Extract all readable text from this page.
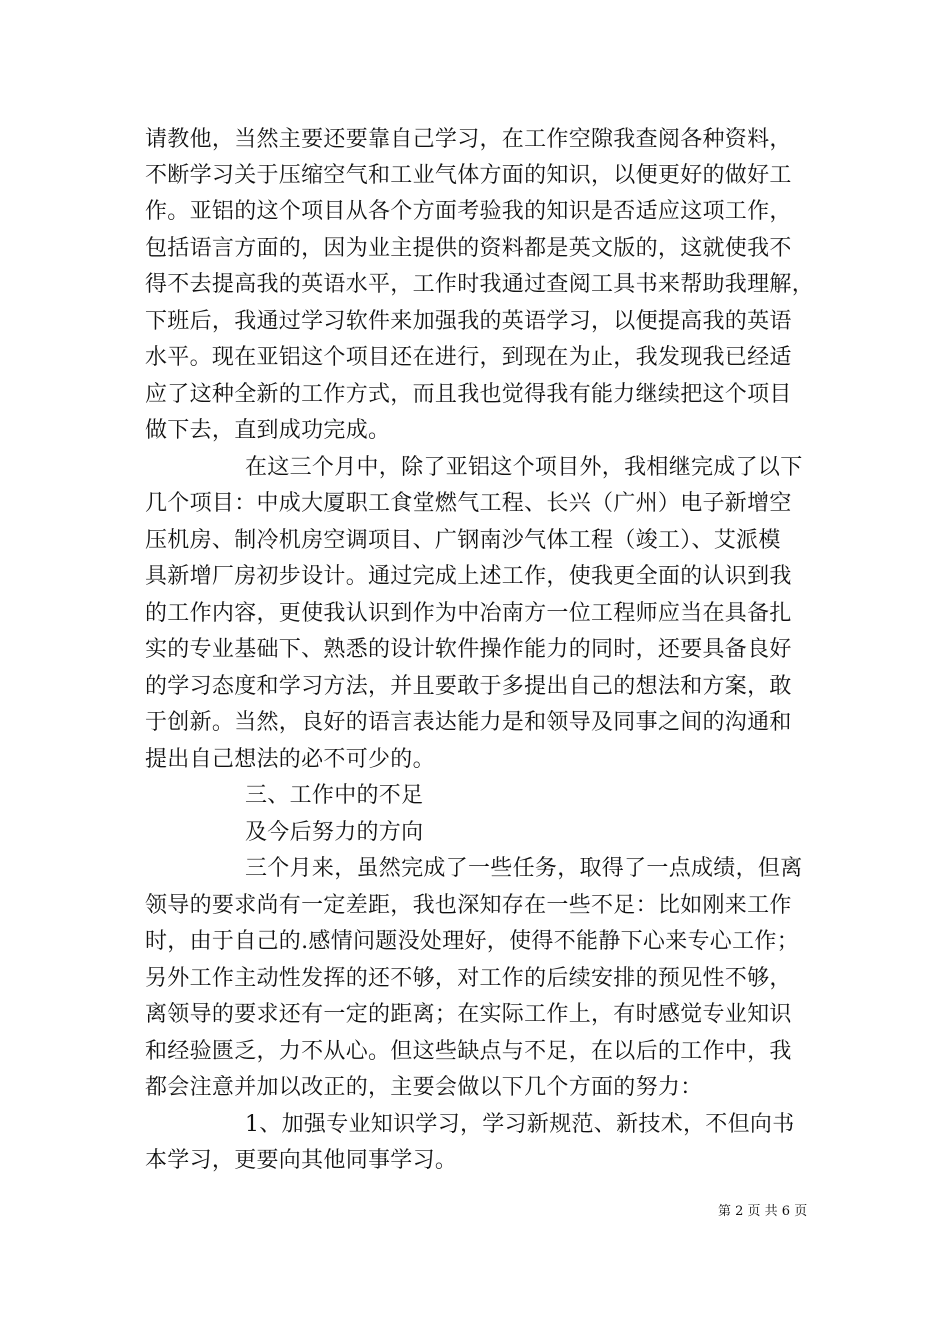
请教他，当然主要还要靠自己学习，在工作空隙我查阅各种资料，
不断学习关于压缩空气和工业气体方面的知识，以便更好的做好工
作。亚铝的这个项目从各个方面考验我的知识是否适应这项工作，
包括语言方面的，因为业主提供的资料都是英文版的，这就使我不
得不去提高我的英语水平，工作时我通过查阅工具书来帮助我理解，
下班后，我通过学习软件来加强我的英语学习，以便提高我的英语
水平。现在亚铝这个项目还在进行，到现在为止，我发现我已经适
应了这种全新的工作方式，而且我也觉得我有能力继续把这个项目
做下去，直到成功完成。
在这三个月中，除了亚铝这个项目外，我相继完成了以下
几个项目：中成大厦职工食堂燃气工程、长兴（广州）电子新增空
压机房、制冷机房空调项目、广钢南沙气体工程（竣工）、艾派模
具新增厂房初步设计。通过完成上述工作，使我更全面的认识到我
的工作内容，更使我认识到作为中冶南方一位工程师应当在具备扎
实的专业基础下、熟悉的设计软件操作能力的同时，还要具备良好
的学习态度和学习方法，并且要敢于多提出自己的想法和方案，敢
于创新。当然，良好的语言表达能力是和领导及同事之间的沟通和
提出自己想法的必不可少的。
三、工作中的不足
及今后努力的方向
三个月来，虽然完成了一些任务，取得了一点成绩，但离
领导的要求尚有一定差距，我也深知存在一些不足：比如刚来工作
时，由于自己的.感情问题没处理好，使得不能静下心来专心工作；
另外工作主动性发挥的还不够，对工作的后续安排的预见性不够，
离领导的要求还有一定的距离；在实际工作上，有时感觉专业知识
和经验匮乏，力不从心。但这些缺点与不足，在以后的工作中，我
都会注意并加以改正的，主要会做以下几个方面的努力：
1、加强专业知识学习，学习新规范、新技术，不但向书
本学习，更要向其他同事学习。
第 2 页 共 6 页
